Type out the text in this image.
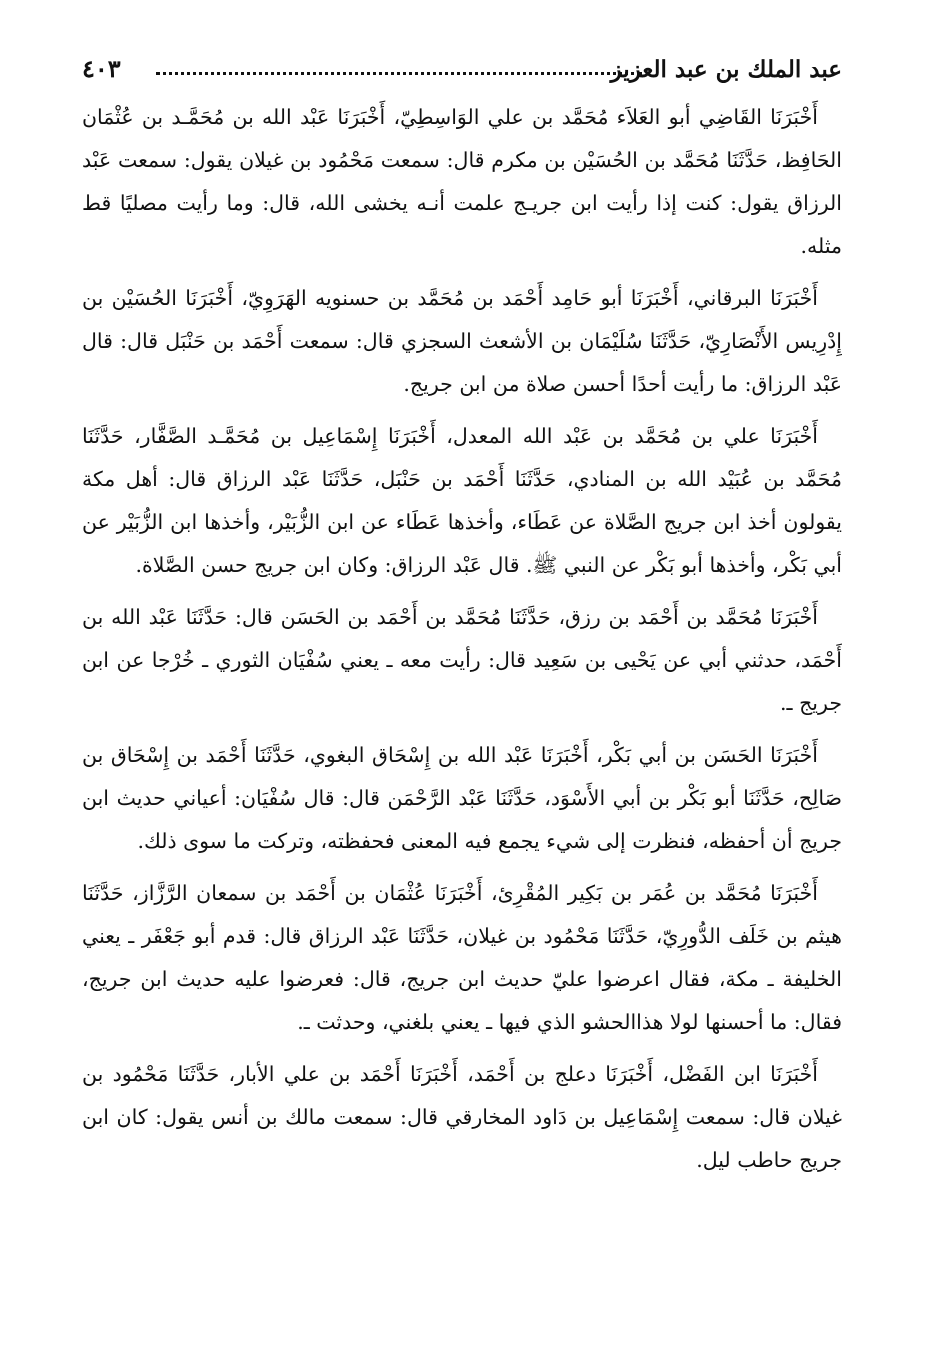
عبد الملك بن عبد العزيز
٤٠٣

أَخْبَرَنَا القَاضِي أبو العَلاَء مُحَمَّد بن علي الوَاسِطِيّ، أَخْبَرَنَا عَبْد الله بن مُحَمَّـد بن عُثْمَان الحَافِظ، حَدَّثَنَا مُحَمَّد بن الحُسَيْن بن مكرم قال: سمعت مَحْمُود بن غيلان يقول: سمعت عَبْد الرزاق يقول: كنت إذا رأيت ابن جريـج علمت أنـه يخشى الله، قال: وما رأيت مصليًا قط مثله.

أَخْبَرَنَا البرقاني، أَخْبَرَنَا أبو حَامِد أَحْمَد بن مُحَمَّد بن حسنويه الهَرَوِيّ، أَخْبَرَنَا الحُسَيْن بن إِدْرِيس الأَنْصَارِيّ، حَدَّثَنَا سُلَيْمَان بن الأشعث السجزي قال: سمعت أَحْمَد بن حَنْبَل قال: قال عَبْد الرزاق: ما رأيت أحدًا أحسن صلاة من ابن جريج.

أَخْبَرَنَا علي بن مُحَمَّد بن عَبْد الله المعدل، أَخْبَرَنَا إِسْمَاعِيل بن مُحَمَّـد الصَّفَّار، حَدَّثَنَا مُحَمَّد بن عُبَيْد الله بن المنادي، حَدَّثَنَا أَحْمَد بن حَنْبَل، حَدَّثَنَا عَبْد الرزاق قال: أهل مكة يقولون أخذ ابن جريج الصَّلاة عن عَطَاء، وأخذها عَطَاء عن ابن الزُّبَيْر، وأخذها ابن الزُّبَيْر عن أبي بَكْر، وأخذها أبو بَكْر عن النبي ﷺ. قال عَبْد الرزاق: وكان ابن جريج حسن الصَّلاة.

أَخْبَرَنَا مُحَمَّد بن أَحْمَد بن رزق، حَدَّثَنَا مُحَمَّد بن أَحْمَد بن الحَسَن قال: حَدَّثَنَا عَبْد الله بن أَحْمَد، حدثني أبي عن يَحْيى بن سَعِيد قال: رأيت معه ـ يعني سُفْيَان الثوري ـ خُرْجا عن ابن جريج ـ.

أَخْبَرَنَا الحَسَن بن أبي بَكْر، أَخْبَرَنَا عَبْد الله بن إِسْحَاق البغوي، حَدَّثَنَا أَحْمَد بن إِسْحَاق بن صَالِح، حَدَّثَنَا أبو بَكْر بن أبي الأَسْوَد، حَدَّثَنَا عَبْد الرَّحْمَن قال: قال سُفْيَان: أعياني حديث ابن جريج أن أحفظه، فنظرت إلى شيء يجمع فيه المعنى فحفظته، وتركت ما سوى ذلك.

أَخْبَرَنَا مُحَمَّد بن عُمَر بن بَكِير المُقْرِئ، أَخْبَرَنَا عُثْمَان بن أَحْمَد بن سمعان الرَّزَّاز، حَدَّثَنَا هيثم بن خَلَف الدُّورِيّ، حَدَّثَنَا مَحْمُود بن غيلان، حَدَّثَنَا عَبْد الرزاق قال: قدم أبو جَعْفَر ـ يعني الخليفة ـ مكة، فقال اعرضوا عليّ حديث ابن جريج، قال: فعرضوا عليه حديث ابن جريج، فقال: ما أحسنها لولا هذاالحشو الذي فيها ـ يعني بلغني، وحدثت ـ.

أَخْبَرَنَا ابن الفَضْل، أَخْبَرَنَا دعلج بن أَحْمَد، أَخْبَرَنَا أَحْمَد بن علي الأبار، حَدَّثَنَا مَحْمُود بن غيلان قال: سمعت إِسْمَاعِيل بن دَاود المخارقي قال: سمعت مالك بن أنس يقول: كان ابن جريج حاطب ليل.
